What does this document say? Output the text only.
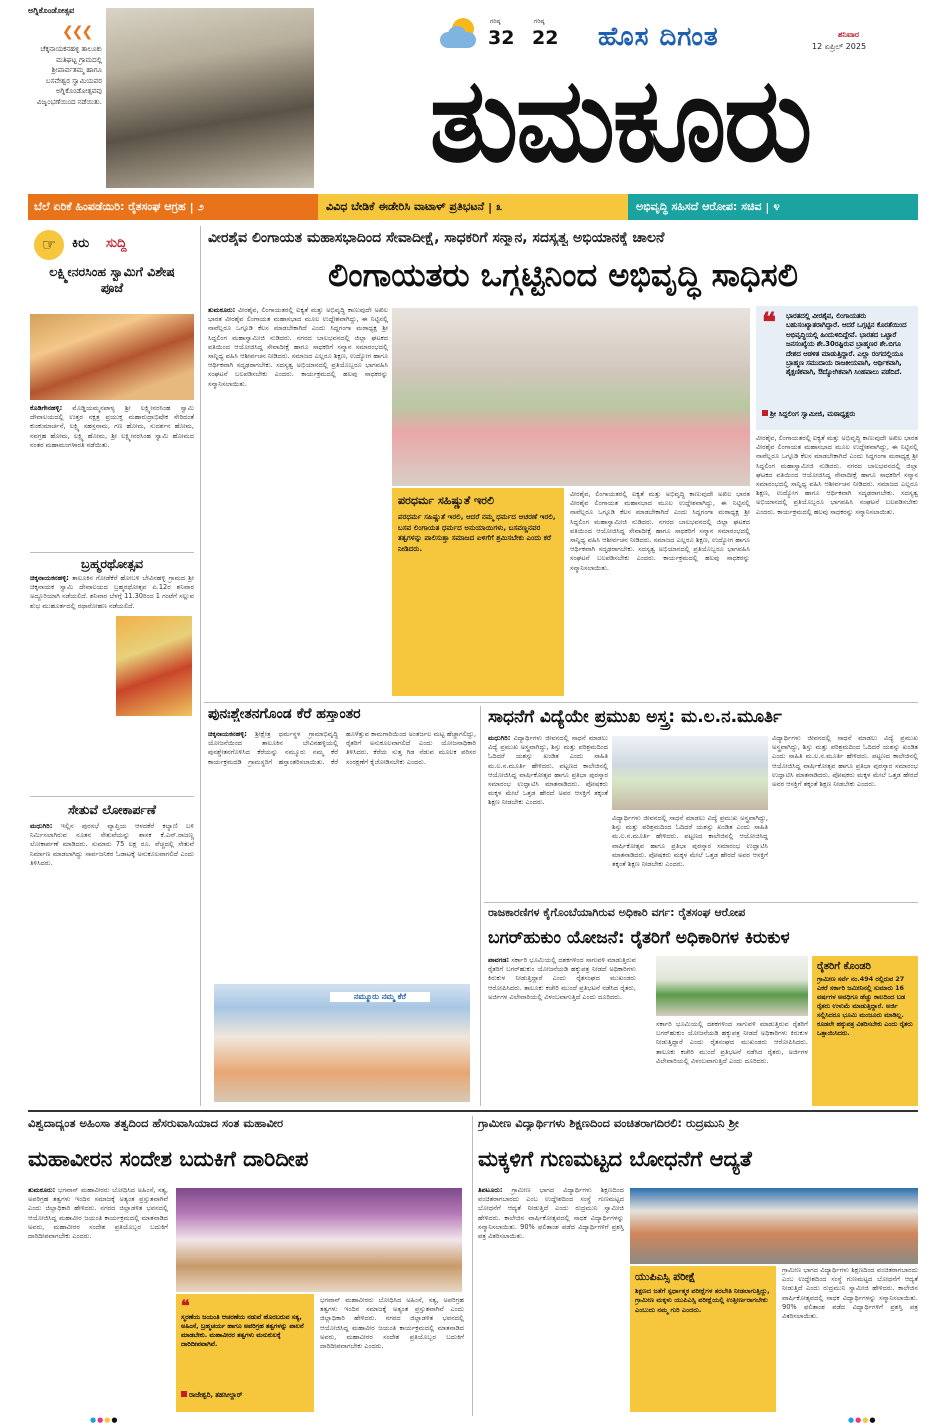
ಅಗ್ನಿಕೊಂಡೋತ್ಸವ
❮❮❮
ಚೆಕ್ಕನಾಯಕನಹಳ್ಳಿ ತಾಲೂಕು ಮತಿಘಟ್ಟ ಗ್ರಾಮದಲ್ಲಿ ಶ್ರೀಪಾರ್ವತಮ್ಮ ಹಾಗೂ ಬಸವೇಶ್ವರ ಸ್ವಾಮಿಯವರ ಅಗ್ನಿಕೊಂಡೋತ್ಸವವು ವಿಜೃಂಭಣೆಯಿಂದ ನಡೆಯಿತು.
ಗರಿಷ್ಠ
32
ಗರಿಷ್ಠ
22 ಹೊಸ ದಿಗಂತ	ಶನಿವಾರ
12 ಏಪ್ರಿಲ್ 2025
ತುಮಕೂರು
ಬೆಲೆ ಏರಿಕೆ ಹಿಂಪಡೆಯಿರಿ: ರೈತಸಂಘ ಆಗ್ರಹ | ೨	ವಿವಿಧ ಬೇಡಿಕೆ ಈಡೇರಿಸಿ ವಾಟಾಳ್ ಪ್ರತಿಭಟನೆ | ೩	ಅಭಿವೃದ್ಧಿ ಸಹಿಸದೆ ಆರೋಪ: ಸಚಿವ | ೪
☞	ಕಿರು ಸುದ್ದಿ
ಲಕ್ಷ್ಮೀನರಸಿಂಹ ಸ್ವಾಮಿಗೆ ವಿಶೇಷ ಪೂಜೆ
ಕೊಡಿಗೇನಹಳ್ಳಿ: ಮೊಡ್ಡಿಯಮ್ಮನಪಾಳ್ಯ ಶ್ರೀ ಲಕ್ಷ್ಮೀನರಸಿಂಹ ಸ್ವಾಮಿ ದೇವಾಲಯದಲ್ಲಿ ಉತ್ತರ ನಕ್ಷತ್ರ ಪ್ರಯುಕ್ತ ಮಹಾರುದ್ರಾಭಿಷೇಕ ಸೇರಿದಂತೆ ಕುಂಕುಮಾರ್ಚನೆ, ಲಕ್ಷ್ಮಿ ಸಹಸ್ರನಾಮ, ಗಣ ಹೋಮ, ಸುದರ್ಶನ ಹೋಮ, ನವಗ್ರಹ ಹೋಮ, ಲಕ್ಷ್ಮಿ ಹೋಮ, ಶ್ರೀ ಲಕ್ಷ್ಮೀನರಸಿಂಹ ಸ್ವಾಮಿ ಹೋಮದ ನಂತರ ಮಹಾಮಂಗಳಾರತಿ ನಡೆಯಿತು.
ಬ್ರಹ್ಮರಥೋತ್ಸವ
ಚಿಕ್ಕನಾಯಕನಹಳ್ಳಿ: ತಾಲೂಕಿನ ಗೋಡೆಕೆರೆ ಹೋಬಳಿ ಬೇವಿನಹಳ್ಳಿ ಗ್ರಾಮದ ಶ್ರೀ ಚಿಕ್ಕನಾಯಕ ಸ್ವಾಮಿ ದೇವಾಲಯದ ಬ್ರಹ್ಮರಥೋತ್ಸವ ಏ.12ರ ಶನಿವಾರ ಅದ್ದೂರಿಯಾಗಿ ನಡೆಯಲಿದೆ. ಶನಿವಾರ ಬೆಳಗ್ಗೆ 11.30ರಿಂದ 1 ಗಂಟೆಗೆ ಸಲ್ಲುವ ಶುಭ ಮುಹೂರ್ತದಲ್ಲಿ ರಥಾರೋಹಣ ನಡೆಯಲಿದೆ.
ಸೇತುವೆ ಲೋಕಾರ್ಪಣೆ
ಮಧುಗಿರಿ: ಇಲ್ಲಿನ ಪುರಸಭೆ ವ್ಯಾಪ್ತಿಯ ಆಳದಕೆರೆ ಕಲ್ಯಾಣಿ ಬಳಿ ನಿರ್ಮಿಸಲಾಗಿರುವ ನೂತನ ಸೇತುವೆಯನ್ನು ಶಾಸಕ ಕೆ.ಎನ್.ರಾಜಣ್ಣ ಲೋಕಾರ್ಪಣೆ ಮಾಡಿದರು. ಸುಮಾರು 75 ಲಕ್ಷ ರೂ. ವೆಚ್ಚದಲ್ಲಿ ಸೇತುವೆ ನಿರ್ಮಾಣ ಮಾಡಲಾಗಿದ್ದು ಸಾರ್ವಜನಿಕರ ಓಡಾಟಕ್ಕೆ ಅನುಕೂಲವಾಗಲಿದೆ ಎಂದು ತಿಳಿಸಿದರು.
ವೀರಶೈವ ಲಿಂಗಾಯತ ಮಹಾಸಭಾದಿಂದ ಸೇವಾದೀಕ್ಷೆ, ಸಾಧಕರಿಗೆ ಸನ್ಮಾನ, ಸದಸ್ಯತ್ವ ಅಭಿಯಾನಕ್ಕೆ ಚಾಲನೆ
ಲಿಂಗಾಯತರು ಒಗ್ಗಟ್ಟಿನಿಂದ ಅಭಿವೃದ್ಧಿ ಸಾಧಿಸಲಿ
ತುಮಕೂರು: ವೀರಶೈವ, ಲಿಂಗಾಯತರಲ್ಲಿ ಐಕ್ಯತೆ ಮತ್ತು ಅಭಿವೃದ್ಧಿ ಕಾಣುವುದೇ ಅಖಿಲ ಭಾರತ ವೀರಶೈವ ಲಿಂಗಾಯತ ಮಹಾಸಭಾದ ಮೂಲ ಉದ್ದೇಶವಾಗಿದ್ದು, ಈ ನಿಟ್ಟಿನಲ್ಲಿ ನಾವೆಲ್ಲರೂ ಒಗ್ಗೂಡಿ ಕೆಲಸ ಮಾಡಬೇಕಾಗಿದೆ ಎಂದು ಸಿದ್ದಗಂಗಾ ಮಠಾಧ್ಯಕ್ಷ ಶ್ರೀ ಸಿದ್ದಲಿಂಗ ಮಹಾಸ್ವಾಮೀಜಿ ನುಡಿದರು. ನಗರದ ಬಾಲಭವನದಲ್ಲಿ ಜಿಲ್ಲಾ ಘಟಕದ ವತಿಯಿಂದ ಆಯೋಜಿಸಿದ್ದ ಸೇವಾದೀಕ್ಷೆ ಹಾಗೂ ಸಾಧಕರಿಗೆ ಸನ್ಮಾನ ಸಮಾರಂಭದಲ್ಲಿ ಸಾನ್ನಿಧ್ಯ ವಹಿಸಿ ಆಶೀರ್ವಚನ ನೀಡಿದರು. ಸಮಾಜದ ಎಲ್ಲರೂ ಶಿಕ್ಷಣ, ಉದ್ಯೋಗ ಹಾಗೂ ಆರ್ಥಿಕವಾಗಿ ಸದೃಢರಾಗಬೇಕು. ಸದಸ್ಯತ್ವ ಅಭಿಯಾನದಲ್ಲಿ ಪ್ರತಿಯೊಬ್ಬರೂ ಭಾಗವಹಿಸಿ ಸಂಘಟನೆ ಬಲಪಡಿಸಬೇಕು ಎಂದರು. ಕಾರ್ಯಕ್ರಮದಲ್ಲಿ ಹಲವು ಸಾಧಕರನ್ನು ಸನ್ಮಾನಿಸಲಾಯಿತು.
ಪರಧರ್ಮ ಸಹಿಷ್ಣುತೆ ಇರಲಿ
ಪರಧರ್ಮ ಸಹಿಷ್ಣುತೆ ಇರಲಿ, ಆದರೆ ನಮ್ಮ ಧರ್ಮದ ಆಚರಣೆ ಇರಲಿ, ಬಸವ ಲಿಂಗಾಯತ ಧರ್ಮದ ಅನುಯಾಯಿಗಳು, ಬಸವಣ್ಣನವರ ತತ್ವಗಳನ್ನು ಪಾಲಿಸುತ್ತಾ ಸಮಾಜದ ಏಳಿಗೆಗೆ ಶ್ರಮಿಸಬೇಕು ಎಂದು ಕರೆ ನೀಡಿದರು.
ವೀರಶೈವ, ಲಿಂಗಾಯತರಲ್ಲಿ ಐಕ್ಯತೆ ಮತ್ತು ಅಭಿವೃದ್ಧಿ ಕಾಣುವುದೇ ಅಖಿಲ ಭಾರತ ವೀರಶೈವ ಲಿಂಗಾಯತ ಮಹಾಸಭಾದ ಮೂಲ ಉದ್ದೇಶವಾಗಿದ್ದು, ಈ ನಿಟ್ಟಿನಲ್ಲಿ ನಾವೆಲ್ಲರೂ ಒಗ್ಗೂಡಿ ಕೆಲಸ ಮಾಡಬೇಕಾಗಿದೆ ಎಂದು ಸಿದ್ದಗಂಗಾ ಮಠಾಧ್ಯಕ್ಷ ಶ್ರೀ ಸಿದ್ದಲಿಂಗ ಮಹಾಸ್ವಾಮೀಜಿ ನುಡಿದರು. ನಗರದ ಬಾಲಭವನದಲ್ಲಿ ಜಿಲ್ಲಾ ಘಟಕದ ವತಿಯಿಂದ ಆಯೋಜಿಸಿದ್ದ ಸೇವಾದೀಕ್ಷೆ ಹಾಗೂ ಸಾಧಕರಿಗೆ ಸನ್ಮಾನ ಸಮಾರಂಭದಲ್ಲಿ ಸಾನ್ನಿಧ್ಯ ವಹಿಸಿ ಆಶೀರ್ವಚನ ನೀಡಿದರು. ಸಮಾಜದ ಎಲ್ಲರೂ ಶಿಕ್ಷಣ, ಉದ್ಯೋಗ ಹಾಗೂ ಆರ್ಥಿಕವಾಗಿ ಸದೃಢರಾಗಬೇಕು. ಸದಸ್ಯತ್ವ ಅಭಿಯಾನದಲ್ಲಿ ಪ್ರತಿಯೊಬ್ಬರೂ ಭಾಗವಹಿಸಿ ಸಂಘಟನೆ ಬಲಪಡಿಸಬೇಕು ಎಂದರು. ಕಾರ್ಯಕ್ರಮದಲ್ಲಿ ಹಲವು ಸಾಧಕರನ್ನು ಸನ್ಮಾನಿಸಲಾಯಿತು.
❝ ಭಾರತದಲ್ಲಿ ವೀರಶೈವ, ಲಿಂಗಾಯತರು ಬಹುಸಂಖ್ಯಾತರಾಗಿದ್ದಾರೆ. ಆದರೆ ಒಗ್ಗಟ್ಟಿನ ಕೊರತೆಯಿಂದ ಅಭಿವೃದ್ಧಿಯಲ್ಲಿ ಹಿಂದುಳಿದಿದ್ದೇವೆ. ಭಾರತದ ಒಟ್ಟಾರೆ ಜನಸಂಖ್ಯೆಯ ಶೇ.30ರಷ್ಟಿರುವ ಬ್ರಾಹ್ಮಣರ ಶೇ.ಬಿಗೂ ದೇಶದ ಆಡಳಿತ ಮಾಡುತ್ತಿದ್ದಾರೆ. ಎಲ್ಲಾ ರಂಗದಲ್ಲಿಯೂ ಬ್ರಾಹ್ಮಣ ಸಮುದಾಯ ರಾಜಕೀಯವಾಗಿ, ಆರ್ಥಿಕವಾಗಿ, ಶೈಕ್ಷಣಿಕವಾಗಿ, ಔದ್ಯೋಗಿಕವಾಗಿ ಸಿಂಹಪಾಲು ಪಡೆದಿದೆ.
ಶ್ರೀ ಸಿದ್ದಲಿಂಗ ಸ್ವಾಮೀಜಿ, ಮಠಾಧ್ಯಕ್ಷರು
ವೀರಶೈವ, ಲಿಂಗಾಯತರಲ್ಲಿ ಐಕ್ಯತೆ ಮತ್ತು ಅಭಿವೃದ್ಧಿ ಕಾಣುವುದೇ ಅಖಿಲ ಭಾರತ ವೀರಶೈವ ಲಿಂಗಾಯತ ಮಹಾಸಭಾದ ಮೂಲ ಉದ್ದೇಶವಾಗಿದ್ದು, ಈ ನಿಟ್ಟಿನಲ್ಲಿ ನಾವೆಲ್ಲರೂ ಒಗ್ಗೂಡಿ ಕೆಲಸ ಮಾಡಬೇಕಾಗಿದೆ ಎಂದು ಸಿದ್ದಗಂಗಾ ಮಠಾಧ್ಯಕ್ಷ ಶ್ರೀ ಸಿದ್ದಲಿಂಗ ಮಹಾಸ್ವಾಮೀಜಿ ನುಡಿದರು. ನಗರದ ಬಾಲಭವನದಲ್ಲಿ ಜಿಲ್ಲಾ ಘಟಕದ ವತಿಯಿಂದ ಆಯೋಜಿಸಿದ್ದ ಸೇವಾದೀಕ್ಷೆ ಹಾಗೂ ಸಾಧಕರಿಗೆ ಸನ್ಮಾನ ಸಮಾರಂಭದಲ್ಲಿ ಸಾನ್ನಿಧ್ಯ ವಹಿಸಿ ಆಶೀರ್ವಚನ ನೀಡಿದರು. ಸಮಾಜದ ಎಲ್ಲರೂ ಶಿಕ್ಷಣ, ಉದ್ಯೋಗ ಹಾಗೂ ಆರ್ಥಿಕವಾಗಿ ಸದೃಢರಾಗಬೇಕು. ಸದಸ್ಯತ್ವ ಅಭಿಯಾನದಲ್ಲಿ ಪ್ರತಿಯೊಬ್ಬರೂ ಭಾಗವಹಿಸಿ ಸಂಘಟನೆ ಬಲಪಡಿಸಬೇಕು ಎಂದರು. ಕಾರ್ಯಕ್ರಮದಲ್ಲಿ ಹಲವು ಸಾಧಕರನ್ನು ಸನ್ಮಾನಿಸಲಾಯಿತು.
ಪುನಃಶ್ಚೇತನಗೊಂಡ ಕೆರೆ ಹಸ್ತಾಂತರ
ಚಿಕ್ಕನಾಯಕನಹಳ್ಳಿ: ಶ್ರೀಕ್ಷೇತ್ರ ಧರ್ಮಸ್ಥಳ ಗ್ರಾಮಾಭಿವೃದ್ಧಿ ಯೋಜನೆಯಿಂದ ತಾಲೂಕಿನ ಬೇವಿನಹಳ್ಳಿಯಲ್ಲಿ ಪುನಶ್ಚೇತನಗೊಳಿಸಿದ ಕೆರೆಯನ್ನು ನಮ್ಮೂರು ನಮ್ಮ ಕೆರೆ ಕಾರ್ಯಕ್ರಮದಡಿ ಗ್ರಾಮಸ್ಥರಿಗೆ ಹಸ್ತಾಂತರಿಸಲಾಯಿತು. ಕೆರೆ ಹೂಳೆತ್ತುವ ಕಾಮಗಾರಿಯಿಂದ ಅಂತರ್ಜಲ ಮಟ್ಟ ಹೆಚ್ಚಾಗಲಿದ್ದು, ರೈತರಿಗೆ ಅನುಕೂಲವಾಗಲಿದೆ ಎಂದು ಯೋಜನಾಧಿಕಾರಿ ತಿಳಿಸಿದರು. ಕೆರೆಯ ಸುತ್ತ ಗಿಡ ನೆಡುವ ಮೂಲಕ ಪರಿಸರ ಸಂರಕ್ಷಣೆಗೆ ಕೈಜೋಡಿಸಬೇಕು ಎಂದರು.
ನಮ್ಮೂರು ನಮ್ಮ ಕೆರೆ
ಸಾಧನೆಗೆ ವಿದ್ಯೆಯೇ ಪ್ರಮುಖ ಅಸ್ತ್ರ: ಮ.ಲ.ನ.ಮೂರ್ತಿ
ಮಧುಗಿರಿ: ವಿದ್ಯಾರ್ಥಿಗಳು ಜೀವನದಲ್ಲಿ ಸಾಧನೆ ಮಾಡಲು ವಿದ್ಯೆ ಪ್ರಮುಖ ಅಸ್ತ್ರವಾಗಿದ್ದು, ಶಿಸ್ತು ಮತ್ತು ಪರಿಶ್ರಮದಿಂದ ಓದಿದರೆ ಯಶಸ್ಸು ಖಂಡಿತ ಎಂದು ಸಾಹಿತಿ ಮ.ಲ.ನ.ಮೂರ್ತಿ ಹೇಳಿದರು. ಪಟ್ಟಣದ ಕಾಲೇಜಿನಲ್ಲಿ ಆಯೋಜಿಸಿದ್ದ ವಾರ್ಷಿಕೋತ್ಸವ ಹಾಗೂ ಪ್ರತಿಭಾ ಪುರಸ್ಕಾರ ಸಮಾರಂಭ ಉದ್ಘಾಟಿಸಿ ಮಾತನಾಡಿದರು. ಪೋಷಕರು ಮಕ್ಕಳ ಮೇಲೆ ಒತ್ತಡ ಹೇರದೆ ಅವರ ಆಸಕ್ತಿಗೆ ತಕ್ಕಂತೆ ಶಿಕ್ಷಣ ನೀಡಬೇಕು ಎಂದರು.
ವಿದ್ಯಾರ್ಥಿಗಳು ಜೀವನದಲ್ಲಿ ಸಾಧನೆ ಮಾಡಲು ವಿದ್ಯೆ ಪ್ರಮುಖ ಅಸ್ತ್ರವಾಗಿದ್ದು, ಶಿಸ್ತು ಮತ್ತು ಪರಿಶ್ರಮದಿಂದ ಓದಿದರೆ ಯಶಸ್ಸು ಖಂಡಿತ ಎಂದು ಸಾಹಿತಿ ಮ.ಲ.ನ.ಮೂರ್ತಿ ಹೇಳಿದರು. ಪಟ್ಟಣದ ಕಾಲೇಜಿನಲ್ಲಿ ಆಯೋಜಿಸಿದ್ದ ವಾರ್ಷಿಕೋತ್ಸವ ಹಾಗೂ ಪ್ರತಿಭಾ ಪುರಸ್ಕಾರ ಸಮಾರಂಭ ಉದ್ಘಾಟಿಸಿ ಮಾತನಾಡಿದರು. ಪೋಷಕರು ಮಕ್ಕಳ ಮೇಲೆ ಒತ್ತಡ ಹೇರದೆ ಅವರ ಆಸಕ್ತಿಗೆ ತಕ್ಕಂತೆ ಶಿಕ್ಷಣ ನೀಡಬೇಕು ಎಂದರು.
ವಿದ್ಯಾರ್ಥಿಗಳು ಜೀವನದಲ್ಲಿ ಸಾಧನೆ ಮಾಡಲು ವಿದ್ಯೆ ಪ್ರಮುಖ ಅಸ್ತ್ರವಾಗಿದ್ದು, ಶಿಸ್ತು ಮತ್ತು ಪರಿಶ್ರಮದಿಂದ ಓದಿದರೆ ಯಶಸ್ಸು ಖಂಡಿತ ಎಂದು ಸಾಹಿತಿ ಮ.ಲ.ನ.ಮೂರ್ತಿ ಹೇಳಿದರು. ಪಟ್ಟಣದ ಕಾಲೇಜಿನಲ್ಲಿ ಆಯೋಜಿಸಿದ್ದ ವಾರ್ಷಿಕೋತ್ಸವ ಹಾಗೂ ಪ್ರತಿಭಾ ಪುರಸ್ಕಾರ ಸಮಾರಂಭ ಉದ್ಘಾಟಿಸಿ ಮಾತನಾಡಿದರು. ಪೋಷಕರು ಮಕ್ಕಳ ಮೇಲೆ ಒತ್ತಡ ಹೇರದೆ ಅವರ ಆಸಕ್ತಿಗೆ ತಕ್ಕಂತೆ ಶಿಕ್ಷಣ ನೀಡಬೇಕು ಎಂದರು.
ರಾಜಕಾರಣಿಗಳ ಕೈಗೊಂಬೆಯಾಗಿರುವ ಅಧಿಕಾರಿ ವರ್ಗ: ರೈತಸಂಘ ಆರೋಪ
ಬಗರ್‌ಹುಕುಂ ಯೋಜನೆ: ರೈತರಿಗೆ ಅಧಿಕಾರಿಗಳ ಕಿರುಕುಳ
ಪಾವಗಡ: ಸರ್ಕಾರಿ ಭೂಮಿಯಲ್ಲಿ ದಶಕಗಳಿಂದ ಸಾಗುವಳಿ ಮಾಡುತ್ತಿರುವ ರೈತರಿಗೆ ಬಗರ್‌ಹುಕುಂ ಯೋಜನೆಯಡಿ ಹಕ್ಕುಪತ್ರ ನೀಡದೆ ಅಧಿಕಾರಿಗಳು ಕಿರುಕುಳ ನೀಡುತ್ತಿದ್ದಾರೆ ಎಂದು ರೈತಸಂಘದ ಮುಖಂಡರು ಆರೋಪಿಸಿದರು. ತಾಲೂಕು ಕಚೇರಿ ಮುಂದೆ ಪ್ರತಿಭಟನೆ ನಡೆಸಿದ ರೈತರು, ಅರ್ಜಿಗಳ ವಿಲೇವಾರಿಯಲ್ಲಿ ವಿಳಂಬವಾಗುತ್ತಿದೆ ಎಂದು ದೂರಿದರು.
ಸರ್ಕಾರಿ ಭೂಮಿಯಲ್ಲಿ ದಶಕಗಳಿಂದ ಸಾಗುವಳಿ ಮಾಡುತ್ತಿರುವ ರೈತರಿಗೆ ಬಗರ್‌ಹುಕುಂ ಯೋಜನೆಯಡಿ ಹಕ್ಕುಪತ್ರ ನೀಡದೆ ಅಧಿಕಾರಿಗಳು ಕಿರುಕುಳ ನೀಡುತ್ತಿದ್ದಾರೆ ಎಂದು ರೈತಸಂಘದ ಮುಖಂಡರು ಆರೋಪಿಸಿದರು. ತಾಲೂಕು ಕಚೇರಿ ಮುಂದೆ ಪ್ರತಿಭಟನೆ ನಡೆಸಿದ ರೈತರು, ಅರ್ಜಿಗಳ ವಿಲೇವಾರಿಯಲ್ಲಿ ವಿಳಂಬವಾಗುತ್ತಿದೆ ಎಂದು ದೂರಿದರು.
ರೈತರಿಗೆ ಕೊಂಡರಿ
ಗ್ರಾಮೀಣ ಸರ್ವೆ ನಂ.494 ರಲ್ಲಿರುವ 27 ಎಕರೆ ಸರ್ಕಾರಿ ಜಮೀನಿನಲ್ಲಿ ಸುಮಾರು 16 ವರ್ಷಗಳ ಅವಧಿಗೂ ಹೆಚ್ಚು ಕಾಲದಿಂದ ಬಡ ರೈತರು ಉಳುಮೆ ಮಾಡುತ್ತಿದ್ದಾರೆ. ಅರ್ಜಿ ಸಲ್ಲಿಸಿದರೂ ಭೂಮಿ ಮಂಜೂರು ಮಾಡಿಲ್ಲ. ಕೂಡಲೇ ಹಕ್ಕುಪತ್ರ ವಿತರಿಸಬೇಕು ಎಂದು ರೈತರು ಒತ್ತಾಯಿಸಿದರು.
ವಿಶ್ವದಾದ್ಯಂತ ಅಹಿಂಸಾ ತತ್ವದಿಂದ ಹೆಸರುವಾಸಿಯಾದ ಸಂತ ಮಹಾವೀರ
ಮಹಾವೀರನ ಸಂದೇಶ ಬದುಕಿಗೆ ದಾರಿದೀಪ
ತುಮಕೂರು: ಭಗವಾನ್ ಮಹಾವೀರರು ಬೋಧಿಸಿದ ಅಹಿಂಸೆ, ಸತ್ಯ, ಅಪರಿಗ್ರಹ ತತ್ವಗಳು ಇಂದಿನ ಸಮಾಜಕ್ಕೆ ಅತ್ಯಂತ ಪ್ರಸ್ತುತವಾಗಿವೆ ಎಂದು ಜಿಲ್ಲಾಧಿಕಾರಿ ಹೇಳಿದರು. ನಗರದ ಜಿಲ್ಲಾಡಳಿತ ಭವನದಲ್ಲಿ ಆಯೋಜಿಸಿದ್ದ ಮಹಾವೀರ ಜಯಂತಿ ಕಾರ್ಯಕ್ರಮದಲ್ಲಿ ಮಾತನಾಡಿದ ಅವರು, ಮಹಾವೀರರ ಸಂದೇಶ ಪ್ರತಿಯೊಬ್ಬರ ಬದುಕಿಗೆ ದಾರಿದೀಪವಾಗಬೇಕು ಎಂದರು.
❝
ಸ್ಮರಣೆಯ ಜಯಂತಿ ಆಚರಣೆಯ ನಡುವೆ ಹೊರಬರುವ ಸತ್ಯ, ಅಹಿಂಸೆ, ಬ್ರಹ್ಮಚರ್ಯ ಹಾಗೂ ಅಪರಿಗ್ರಹ ತತ್ವಗಳನ್ನು ಪಾಲನೆ ಮಾಡಬೇಕು. ಮಹಾವೀರರ ತತ್ವಗಳು ಮನುಕುಲಕ್ಕೆ ದಾರಿದೀಪವಾಗಿವೆ.
ರಾಜೇಶ್ವರಿ, ತಹಸೀಲ್ದಾರ್
ಭಗವಾನ್ ಮಹಾವೀರರು ಬೋಧಿಸಿದ ಅಹಿಂಸೆ, ಸತ್ಯ, ಅಪರಿಗ್ರಹ ತತ್ವಗಳು ಇಂದಿನ ಸಮಾಜಕ್ಕೆ ಅತ್ಯಂತ ಪ್ರಸ್ತುತವಾಗಿವೆ ಎಂದು ಜಿಲ್ಲಾಧಿಕಾರಿ ಹೇಳಿದರು. ನಗರದ ಜಿಲ್ಲಾಡಳಿತ ಭವನದಲ್ಲಿ ಆಯೋಜಿಸಿದ್ದ ಮಹಾವೀರ ಜಯಂತಿ ಕಾರ್ಯಕ್ರಮದಲ್ಲಿ ಮಾತನಾಡಿದ ಅವರು, ಮಹಾವೀರರ ಸಂದೇಶ ಪ್ರತಿಯೊಬ್ಬರ ಬದುಕಿಗೆ ದಾರಿದೀಪವಾಗಬೇಕು ಎಂದರು.
ಗ್ರಾಮೀಣ ವಿದ್ಯಾರ್ಥಿಗಳು ಶಿಕ್ಷಣದಿಂದ ವಂಚಿತರಾಗದಿರಲಿ: ರುದ್ರಮುನಿ ಶ್ರೀ
ಮಕ್ಕಳಿಗೆ ಗುಣಮಟ್ಟದ ಬೋಧನೆಗೆ ಆದ್ಯತೆ
ತಿಪಟೂರು: ಗ್ರಾಮೀಣ ಭಾಗದ ವಿದ್ಯಾರ್ಥಿಗಳು ಶಿಕ್ಷಣದಿಂದ ವಂಚಿತರಾಗಬಾರದು ಎಂಬ ಉದ್ದೇಶದಿಂದ ಸಂಸ್ಥೆ ಗುಣಮಟ್ಟದ ಬೋಧನೆಗೆ ಆದ್ಯತೆ ನೀಡುತ್ತಿದೆ ಎಂದು ರುದ್ರಮುನಿ ಸ್ವಾಮೀಜಿ ಹೇಳಿದರು. ಕಾಲೇಜಿನ ವಾರ್ಷಿಕೋತ್ಸವದಲ್ಲಿ ಸಾಧಕ ವಿದ್ಯಾರ್ಥಿಗಳನ್ನು ಸನ್ಮಾನಿಸಲಾಯಿತು. 90% ಫಲಿತಾಂಶ ಪಡೆದ ವಿದ್ಯಾರ್ಥಿಗಳಿಗೆ ಪ್ರಶಸ್ತಿ ಪತ್ರ ವಿತರಿಸಲಾಯಿತು.
ಯುಪಿಎಸ್ಸಿ ಪರೀಕ್ಷೆ
ಶಿಕ್ಷಣದ ಜತೆಗೆ ಸ್ಪರ್ಧಾತ್ಮಕ ಪರೀಕ್ಷೆಗಳ ತರಬೇತಿ ನೀಡಲಾಗುತ್ತಿದ್ದು, ಗ್ರಾಮೀಣ ಮಕ್ಕಳು ಯುಪಿಎಸ್ಸಿ ಪರೀಕ್ಷೆಯಲ್ಲಿ ಉತ್ತೀರ್ಣರಾಗಬೇಕು ಎಂಬುದು ನಮ್ಮ ಗುರಿ ಎಂದರು.
ಗ್ರಾಮೀಣ ಭಾಗದ ವಿದ್ಯಾರ್ಥಿಗಳು ಶಿಕ್ಷಣದಿಂದ ವಂಚಿತರಾಗಬಾರದು ಎಂಬ ಉದ್ದೇಶದಿಂದ ಸಂಸ್ಥೆ ಗುಣಮಟ್ಟದ ಬೋಧನೆಗೆ ಆದ್ಯತೆ ನೀಡುತ್ತಿದೆ ಎಂದು ರುದ್ರಮುನಿ ಸ್ವಾಮೀಜಿ ಹೇಳಿದರು. ಕಾಲೇಜಿನ ವಾರ್ಷಿಕೋತ್ಸವದಲ್ಲಿ ಸಾಧಕ ವಿದ್ಯಾರ್ಥಿಗಳನ್ನು ಸನ್ಮಾನಿಸಲಾಯಿತು. 90% ಫಲಿತಾಂಶ ಪಡೆದ ವಿದ್ಯಾರ್ಥಿಗಳಿಗೆ ಪ್ರಶಸ್ತಿ ಪತ್ರ ವಿತರಿಸಲಾಯಿತು.
●●●●	●●●●
